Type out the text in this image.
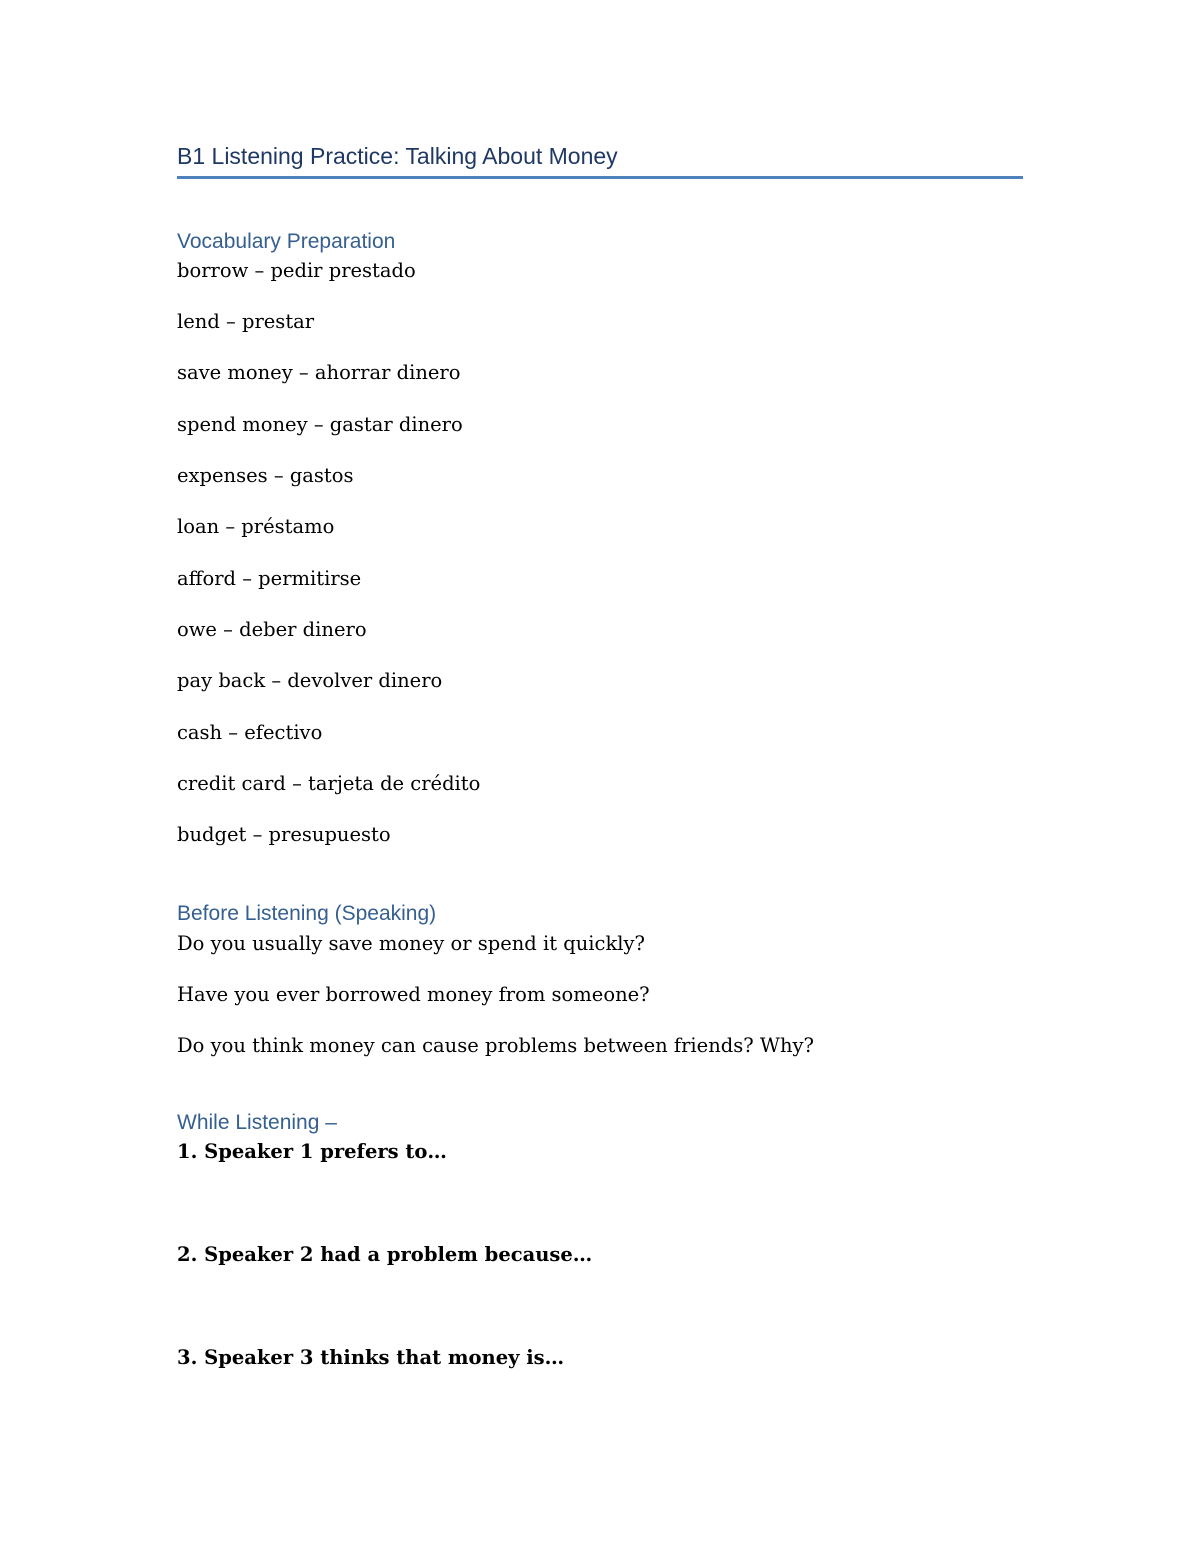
B1 Listening Practice: Talking About Money
Vocabulary Preparation
borrow – pedir prestado
lend – prestar
save money – ahorrar dinero
spend money – gastar dinero
expenses – gastos
loan – préstamo
afford – permitirse
owe – deber dinero
pay back – devolver dinero
cash – efectivo
credit card – tarjeta de crédito
budget – presupuesto
Before Listening (Speaking)
Do you usually save money or spend it quickly?
Have you ever borrowed money from someone?
Do you think money can cause problems between friends? Why?
While Listening –
1. Speaker 1 prefers to…
2. Speaker 2 had a problem because…
3. Speaker 3 thinks that money is…
